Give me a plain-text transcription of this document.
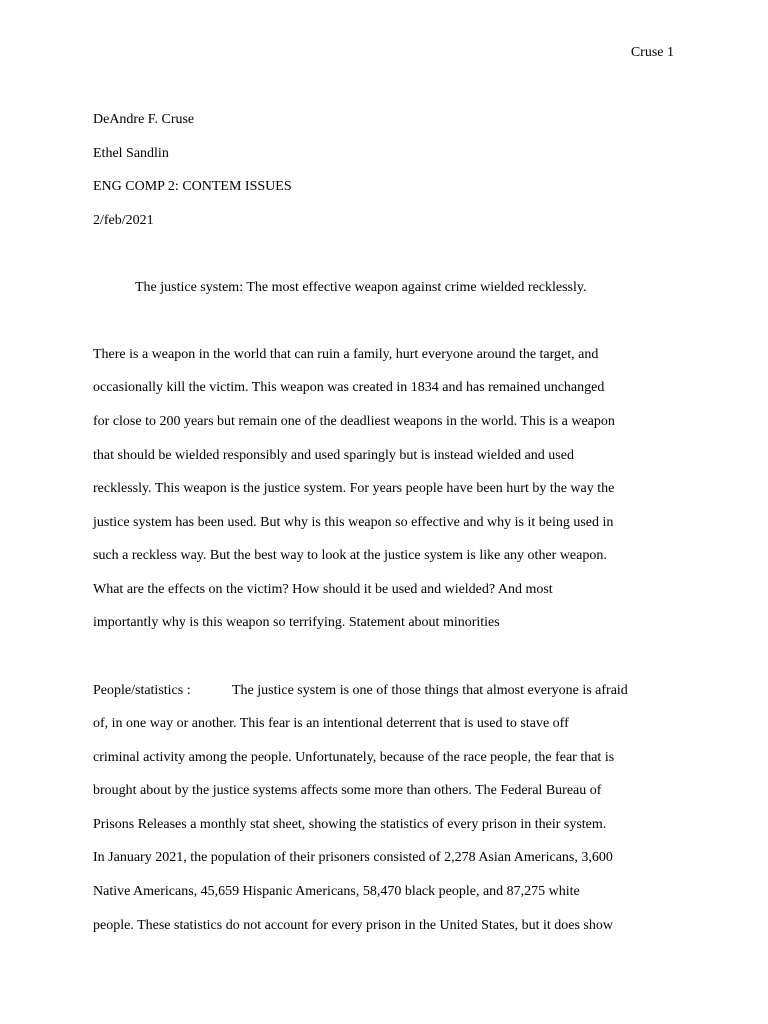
Cruse 1
DeAndre F. Cruse
Ethel Sandlin
ENG COMP 2: CONTEM ISSUES
2/feb/2021
The justice system: The most effective weapon against crime wielded recklessly.
There is a weapon in the world that can ruin a family, hurt everyone around the target, and
occasionally kill the victim. This weapon was created in 1834 and has remained unchanged
for close to 200 years but remain one of the deadliest weapons in the world. This is a weapon
that should be wielded responsibly and used sparingly but is instead wielded and used
recklessly. This weapon is the justice system. For years people have been hurt by the way the
justice system has been used. But why is this weapon so effective and why is it being used in
such a reckless way. But the best way to look at the justice system is like any other weapon.
What are the effects on the victim? How should it be used and wielded? And most
importantly why is this weapon so terrifying. Statement about minorities
People/statistics :	The justice system is one of those things that almost everyone is afraid
of, in one way or another. This fear is an intentional deterrent that is used to stave off
criminal activity among the people. Unfortunately, because of the race people, the fear that is
brought about by the justice systems affects some more than others. The Federal Bureau of
Prisons Releases a monthly stat sheet, showing the statistics of every prison in their system.
In January 2021, the population of their prisoners consisted of 2,278 Asian Americans, 3,600
Native Americans, 45,659 Hispanic Americans, 58,470 black people, and 87,275 white
people. These statistics do not account for every prison in the United States, but it does show
